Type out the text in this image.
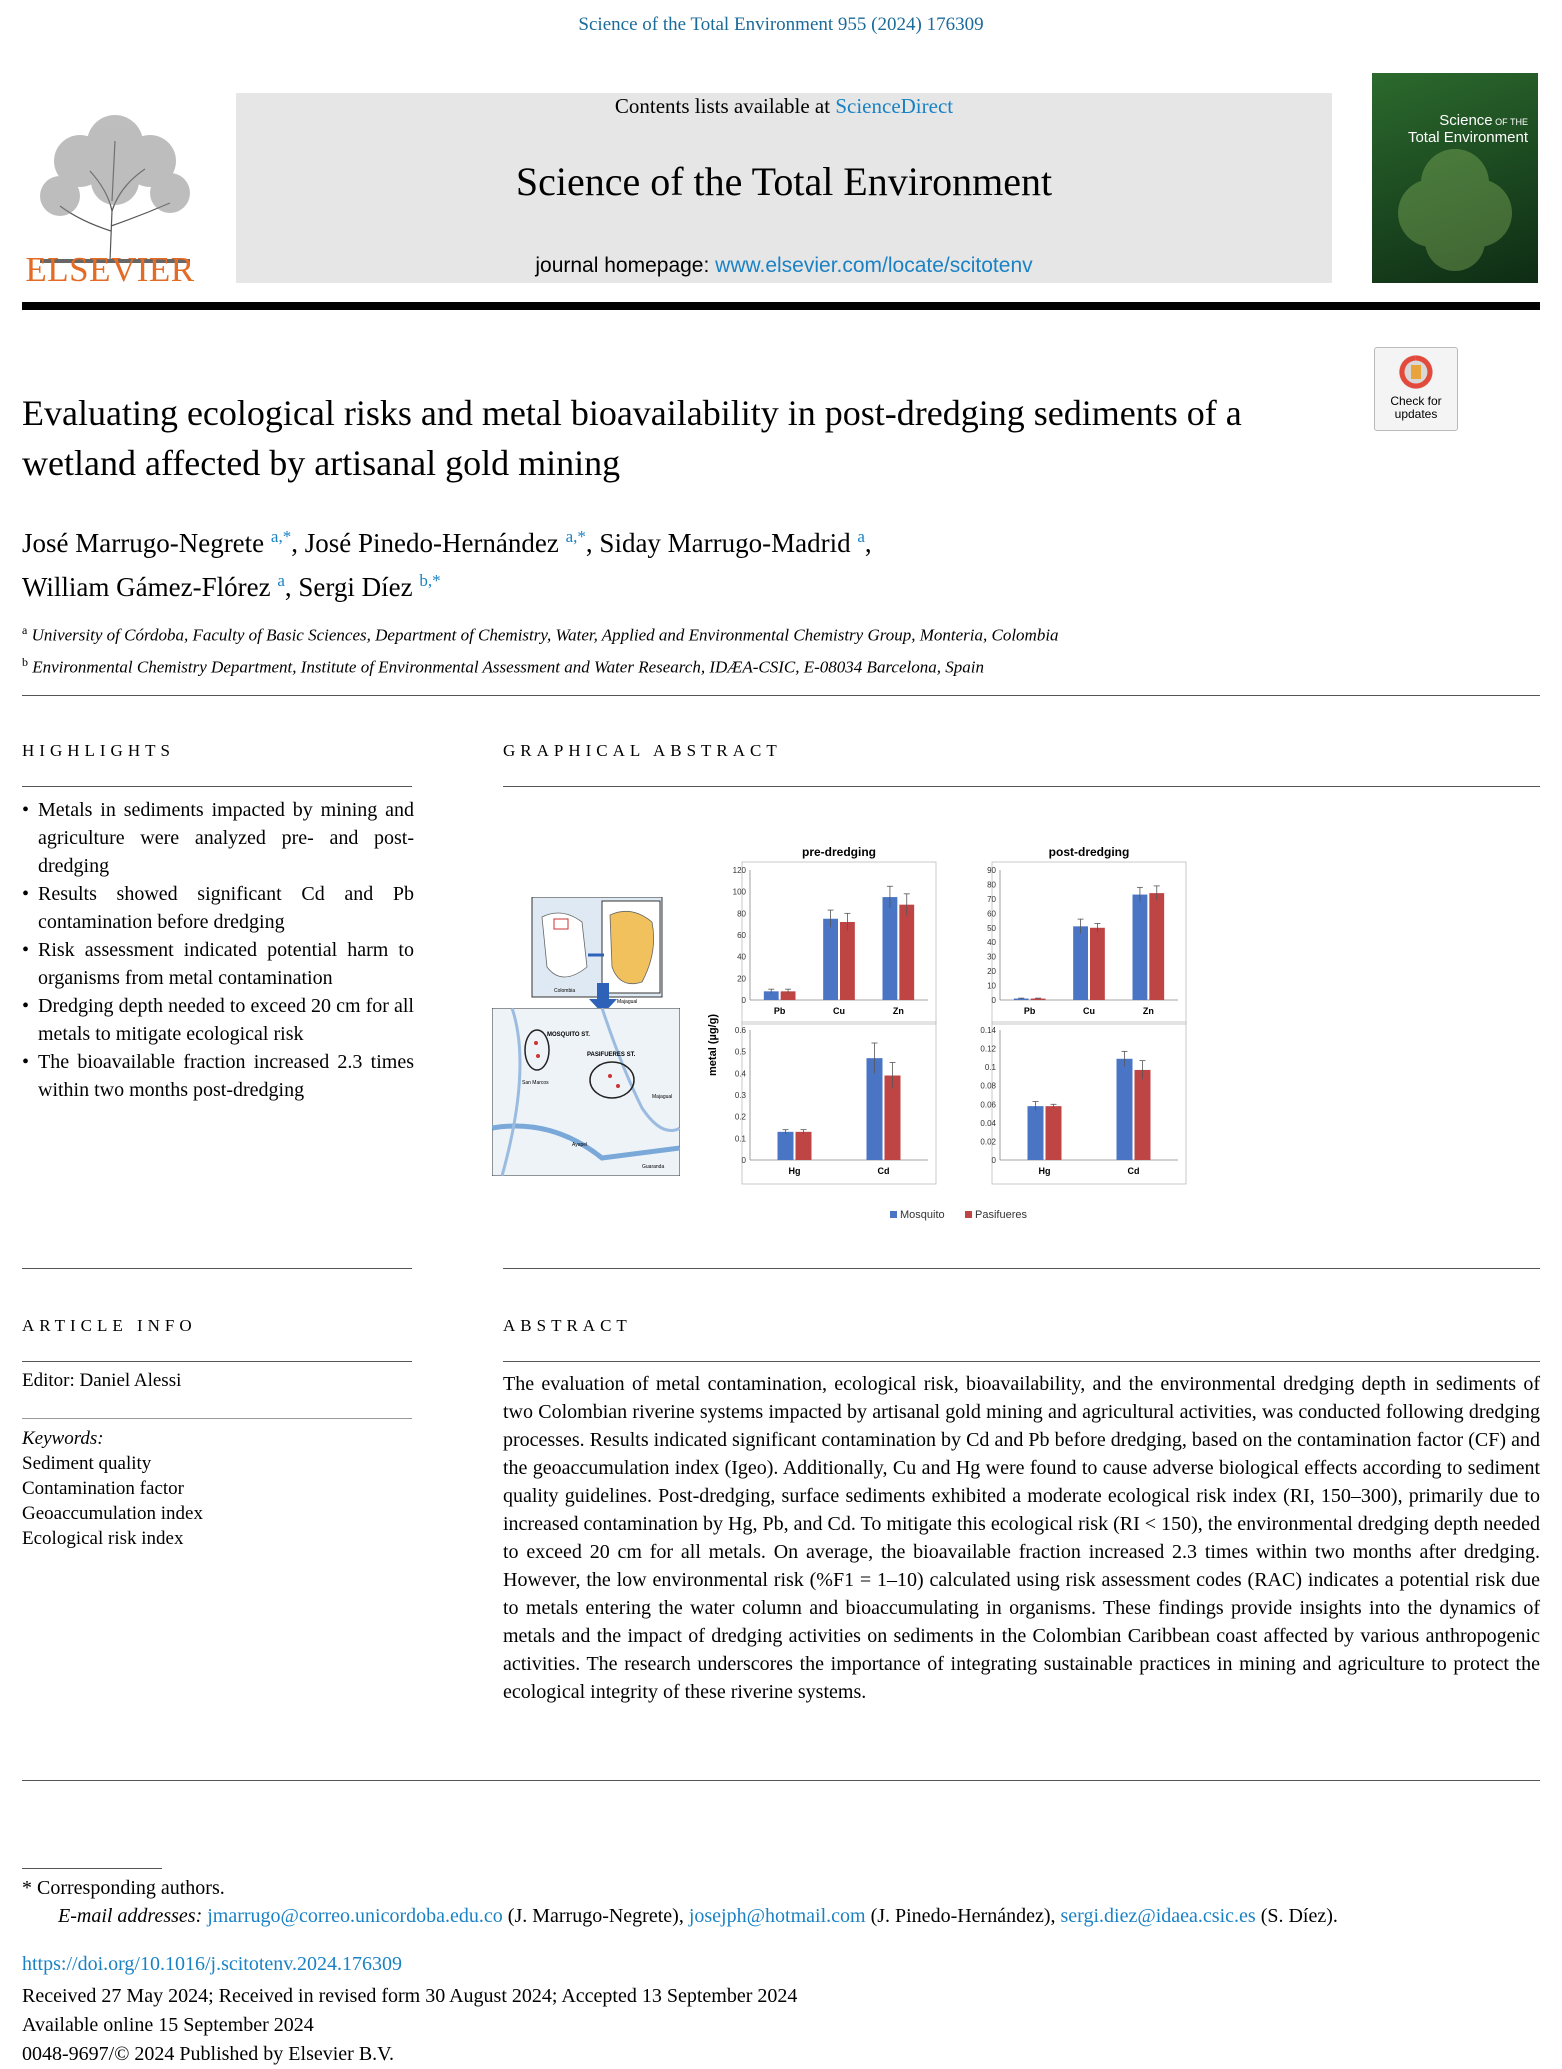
Science of the Total Environment 955 (2024) 176309
ELSEVIER
Contents lists available at ScienceDirect
Science of the Total Environment
journal homepage: www.elsevier.com/locate/scitotenv
Science OF THE
Total Environment
Check for updates
Evaluating ecological risks and metal bioavailability in post-dredging sediments of a wetland affected by artisanal gold mining
José Marrugo-Negrete $^{a,*}$, José Pinedo-Hernández $^{a,*}$, Siday Marrugo-Madrid $^a$,
William Gámez-Flórez $^a$, Sergi Díez $^{b,*}$
$^a$ University of Córdoba, Faculty of Basic Sciences, Department of Chemistry, Water, Applied and Environmental Chemistry Group, Monteria, Colombia
$^b$ Environmental Chemistry Department, Institute of Environmental Assessment and Water Research, IDÆA-CSIC, E-08034 Barcelona, Spain
HIGHLIGHTS
• Metals in sediments impacted by mining and agriculture were analyzed pre- and post-dredging
• Results showed significant Cd and Pb contamination before dredging
• Risk assessment indicated potential harm to organisms from metal contamination
• Dredging depth needed to exceed 20 cm for all metals to mitigate ecological risk
• The bioavailable fraction increased 2.3 times within two months post-dredging
GRAPHICAL ABSTRACT
Colombia
Majagual
MOSQUITO ST.
PASIFUERES ST.
San Marcos
Majagual
Ayapel
Guaranda
pre-dredging
0
20
40
60
80
100
120
Pb	Cu	Zn
post-dredging
0
10
20
30
40
50
60
70
80
90
Pb	Cu	Zn
0
0.1
0.2
0.3
0.4
0.5
0.6
Hg	Cd
0
0.02
0.04
0.06
0.08
0.1
0.12
0.14
Hg	Cd
metal (µg/g)
Mosquito	Pasifueres
ARTICLE INFO
Editor: Daniel Alessi
Keywords:
Sediment quality
Contamination factor
Geoaccumulation index
Ecological risk index
ABSTRACT
The evaluation of metal contamination, ecological risk, bioavailability, and the environmental dredging depth in sediments of two Colombian riverine systems impacted by artisanal gold mining and agricultural activities, was conducted following dredging processes. Results indicated significant contamination by Cd and Pb before dredging, based on the contamination factor (CF) and the geoaccumulation index (Igeo). Additionally, Cu and Hg were found to cause adverse biological effects according to sediment quality guidelines. Post-dredging, surface sediments exhibited a moderate ecological risk index (RI, 150–300), primarily due to increased contamination by Hg, Pb, and Cd. To mitigate this ecological risk (RI < 150), the environmental dredging depth needed to exceed 20 cm for all metals. On average, the bioavailable fraction increased 2.3 times within two months after dredging. However, the low environmental risk (%F1 = 1–10) calculated using risk assessment codes (RAC) indicates a potential risk due to metals entering the water column and bioaccumulating in organisms. These findings provide insights into the dynamics of metals and the impact of dredging activities on sediments in the Colombian Caribbean coast affected by various anthropogenic activities. The research underscores the importance of integrating sustainable practices in mining and agriculture to protect the ecological integrity of these riverine systems.
* Corresponding authors.
E-mail addresses: jmarrugo@correo.unicordoba.edu.co (J. Marrugo-Negrete), josejph@hotmail.com (J. Pinedo-Hernández), sergi.diez@idaea.csic.es (S. Díez).
https://doi.org/10.1016/j.scitotenv.2024.176309
Received 27 May 2024; Received in revised form 30 August 2024; Accepted 13 September 2024
Available online 15 September 2024
0048-9697/© 2024 Published by Elsevier B.V.
